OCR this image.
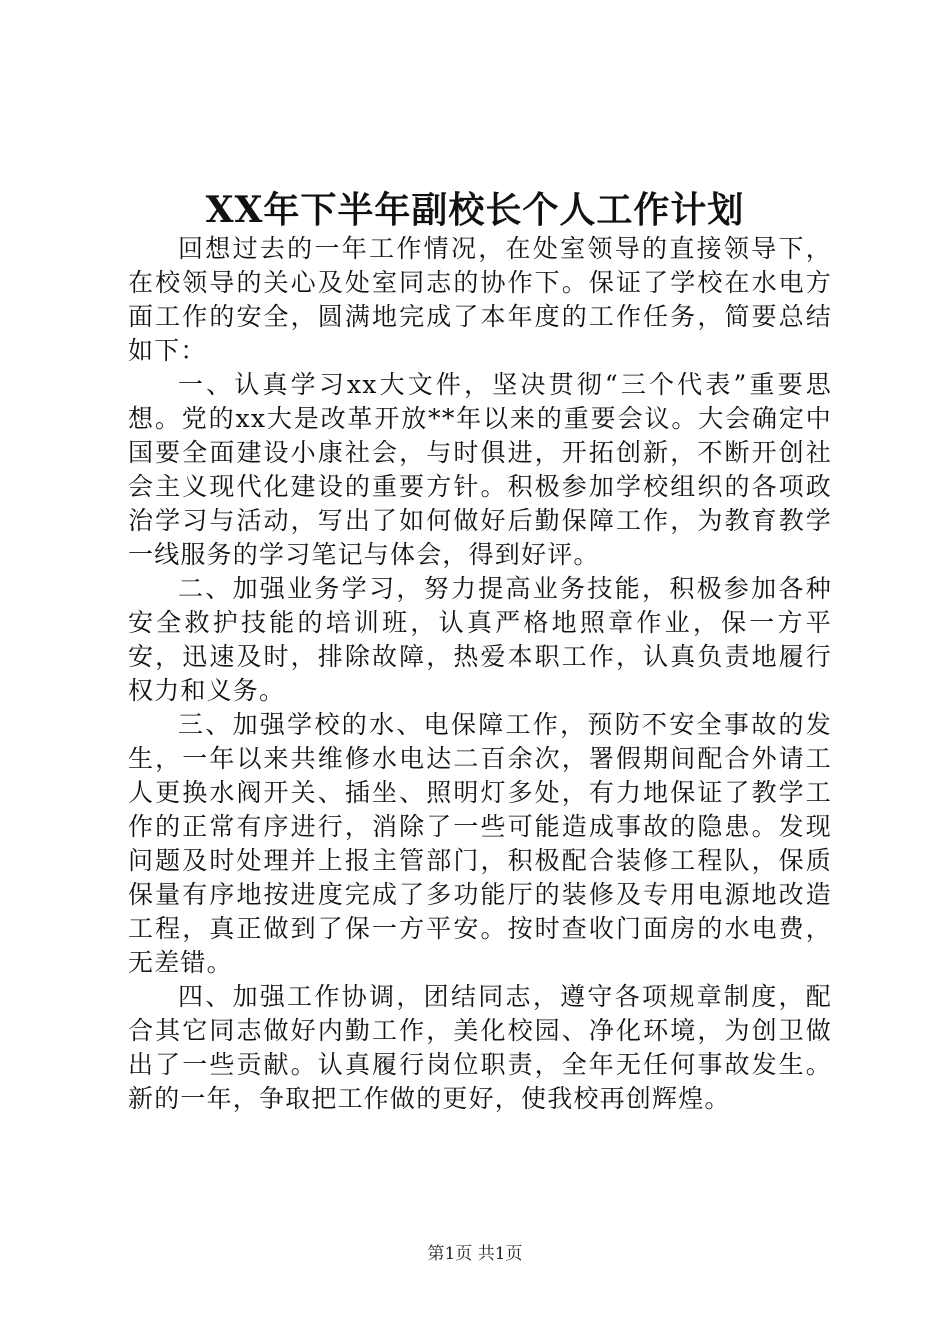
XX年下半年副校长个人工作计划

回想过去的一年工作情况，在处室领导的直接领导下，在校领导的关心及处室同志的协作下。保证了学校在水电方面工作的安全，圆满地完成了本年度的工作任务，简要总结如下：

一、认真学习xx大文件，坚决贯彻“三个代表”重要思想。党的xx大是改革开放**年以来的重要会议。大会确定中国要全面建设小康社会，与时俱进，开拓创新，不断开创社会主义现代化建设的重要方针。积极参加学校组织的各项政治学习与活动，写出了如何做好后勤保障工作，为教育教学一线服务的学习笔记与体会，得到好评。

二、加强业务学习，努力提高业务技能，积极参加各种安全救护技能的培训班，认真严格地照章作业，保一方平安，迅速及时，排除故障，热爱本职工作，认真负责地履行权力和义务。

三、加强学校的水、电保障工作，预防不安全事故的发生，一年以来共维修水电达二百余次，署假期间配合外请工人更换水阀开关、插坐、照明灯多处，有力地保证了教学工作的正常有序进行，消除了一些可能造成事故的隐患。发现问题及时处理并上报主管部门，积极配合装修工程队，保质保量有序地按进度完成了多功能厅的装修及专用电源地改造工程，真正做到了保一方平安。按时查收门面房的水电费，无差错。

四、加强工作协调，团结同志，遵守各项规章制度，配合其它同志做好内勤工作，美化校园、净化环境，为创卫做出了一些贡献。认真履行岗位职责，全年无任何事故发生。新的一年，争取把工作做的更好，使我校再创辉煌。

第1页 共1页
